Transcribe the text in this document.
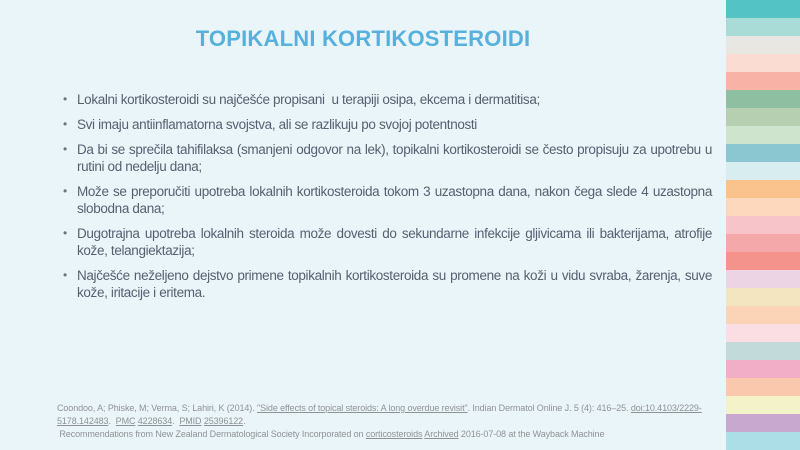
TOPIKALNI KORTIKOSTEROIDI
• Lokalni kortikosteroidi su najčešće propisani  u terapiji osipa, ekcema i dermatitisa;
• Svi imaju antiinflamatorna svojstva, ali se razlikuju po svojoj potentnosti
• Da bi se sprečila tahifilaksa (smanjeni odgovor na lek), topikalni kortikosteroidi se često propisuju za upotrebu u rutini od nedelju dana;
• Može se preporučiti upotreba lokalnih kortikosteroida tokom 3 uzastopna dana, nakon čega slede 4 uzastopna slobodna dana;
• Dugotrajna upotreba lokalnih steroida može dovesti do sekundarne infekcije gljivicama ili bakterijama, atrofije kože, telangiektazija;
• Najčešće neželjeno dejstvo primene topikalnih kortikosteroida su promene na koži u vidu svraba, žarenja, suve kože, iritacije i eritema.

Coondoo, A; Phiske, M; Verma, S; Lahiri, K (2014). "Side effects of topical steroids: A long overdue revisit". Indian Dermatol Online J. 5 (4): 416–25. doi:10.4103/2229-5178.142483.  PMC 4228634.  PMID 25396122.

Recommendations from New Zealand Dermatological Society Incorporated on corticosteroids Archived 2016-07-08 at the Wayback Machine
